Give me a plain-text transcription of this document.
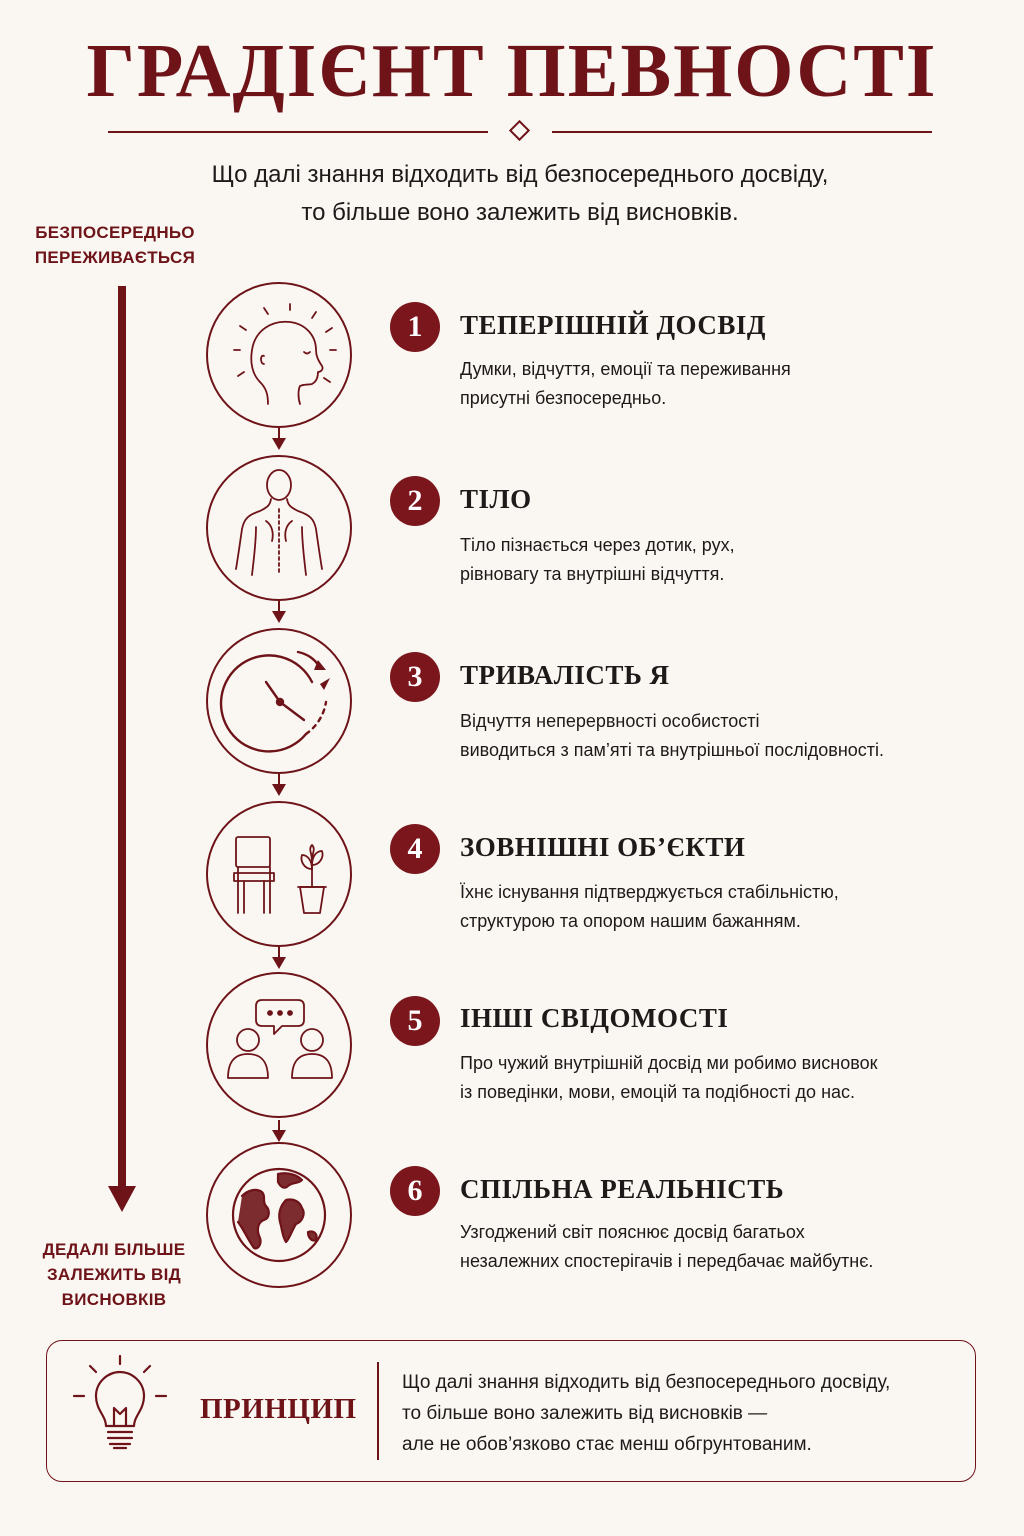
ГРАДІЄНТ ПЕВНОСТІ

Що далі знання відходить від безпосереднього досвіду,
то більше воно залежить від висновків.

БЕЗПОСЕРЕДНЬО
ПЕРЕЖИВАЄТЬСЯ
ДЕДАЛІ БІЛЬШЕ
ЗАЛЕЖИТЬ ВІД
ВИСНОВКІВ
1	ТЕПЕРІШНІЙ ДОСВІД
Думки, відчуття, емоції та переживання
присутні безпосередньо.
2	ТІЛО
Тіло пізнається через дотик, рух,
рівновагу та внутрішні відчуття.
3	ТРИВАЛІСТЬ Я
Відчуття неперервності особистості
виводиться з пам’яті та внутрішньої послідовності.
4	ЗОВНІШНІ ОБ’ЄКТИ
Їхнє існування підтверджується стабільністю,
структурою та опором нашим бажанням.
5	ІНШІ СВІДОМОСТІ
Про чужий внутрішній досвід ми робимо висновок
із поведінки, мови, емоцій та подібності до нас.
6	СПІЛЬНА РЕАЛЬНІСТЬ
Узгоджений світ пояснює досвід багатьох
незалежних спостерігачів і передбачає майбутнє.
ПРИНЦИП
Що далі знання відходить від безпосереднього досвіду,
то більше воно залежить від висновків —
але не обов’язково стає менш обгрунтованим.
